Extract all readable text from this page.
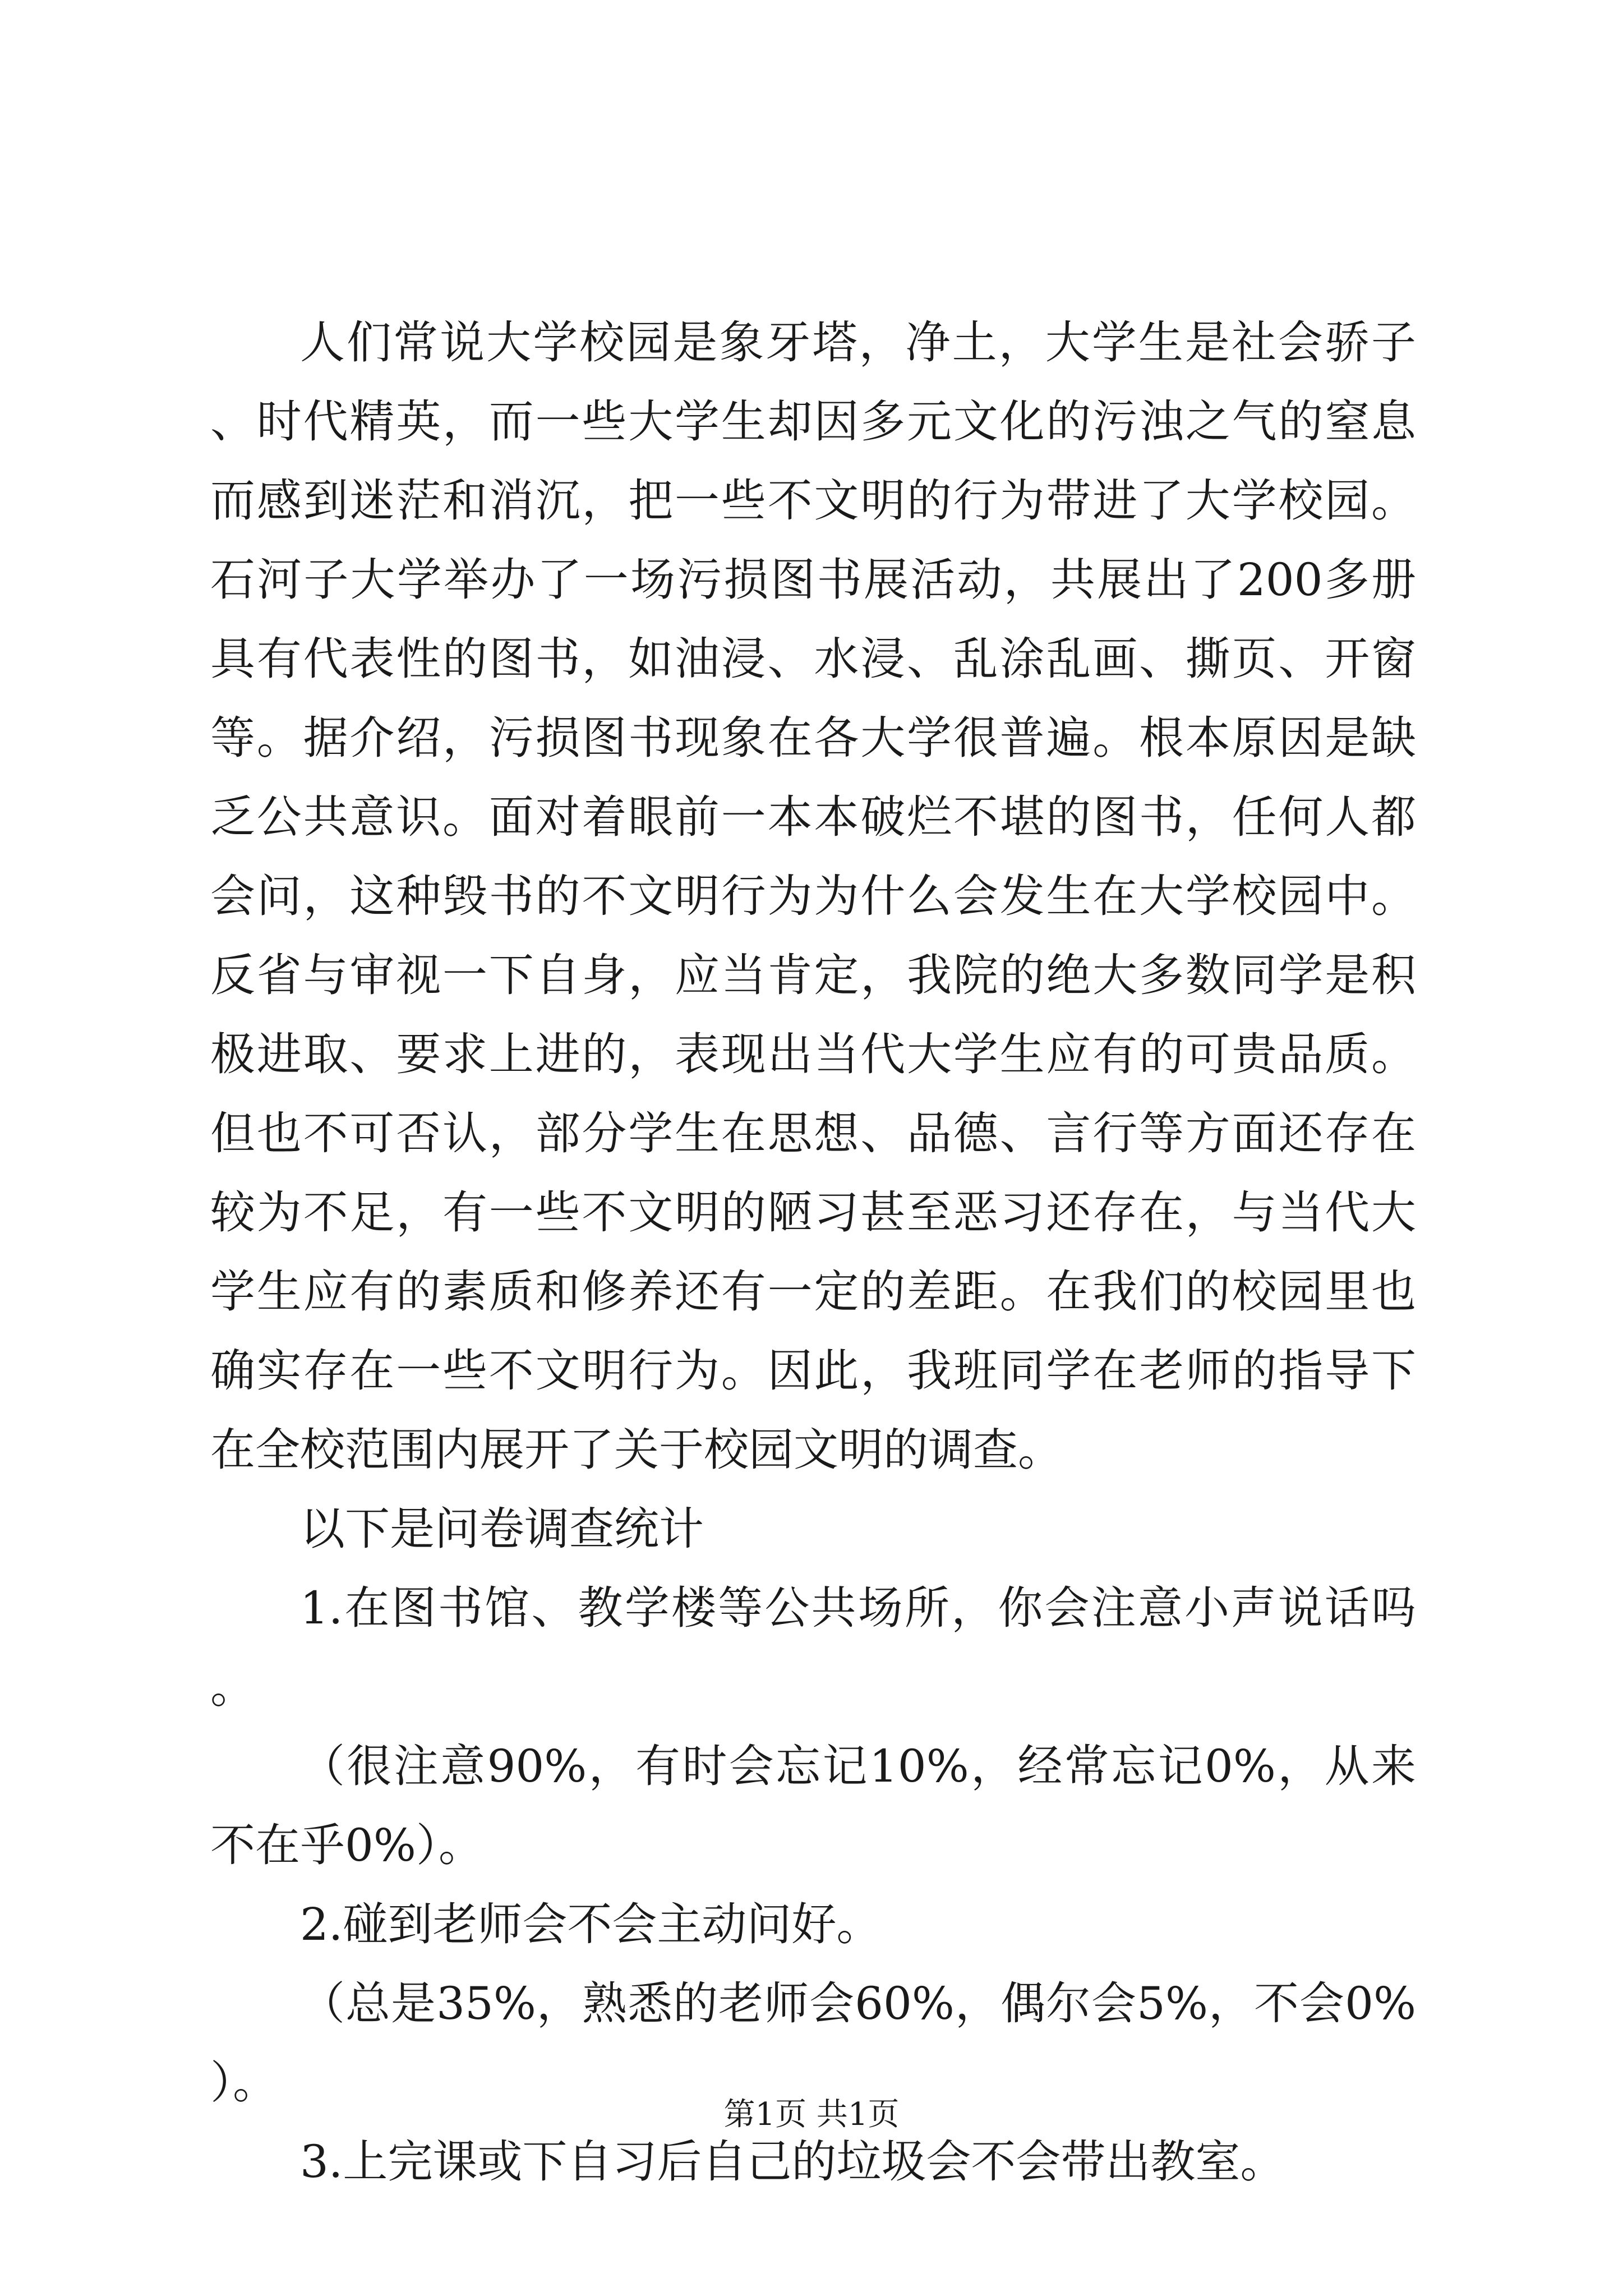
人们常说大学校园是象牙塔，净土，大学生是社会骄子、时代精英，而一些大学生却因多元文化的污浊之气的窒息而感到迷茫和消沉，把一些不文明的行为带进了大学校园。石河子大学举办了一场污损图书展活动，共展出了200多册具有代表性的图书，如油浸、水浸、乱涂乱画、撕页、开窗等。据介绍，污损图书现象在各大学很普遍。根本原因是缺乏公共意识。面对着眼前一本本破烂不堪的图书，任何人都会问，这种毁书的不文明行为为什么会发生在大学校园中。反省与审视一下自身，应当肯定，我院的绝大多数同学是积极进取、要求上进的，表现出当代大学生应有的可贵品质。但也不可否认，部分学生在思想、品德、言行等方面还存在较为不足，有一些不文明的陋习甚至恶习还存在，与当代大学生应有的素质和修养还有一定的差距。在我们的校园里也确实存在一些不文明行为。因此，我班同学在老师的指导下在全校范围内展开了关于校园文明的调查。

以下是问卷调查统计

1.在图书馆、教学楼等公共场所，你会注意小声说话吗。

（很注意90%，有时会忘记10%，经常忘记0%，从来不在乎0%）。

2.碰到老师会不会主动问好。

（总是35%，熟悉的老师会60%，偶尔会5%，不会0%）。

3.上完课或下自习后自己的垃圾会不会带出教室。

第1页 共1页
